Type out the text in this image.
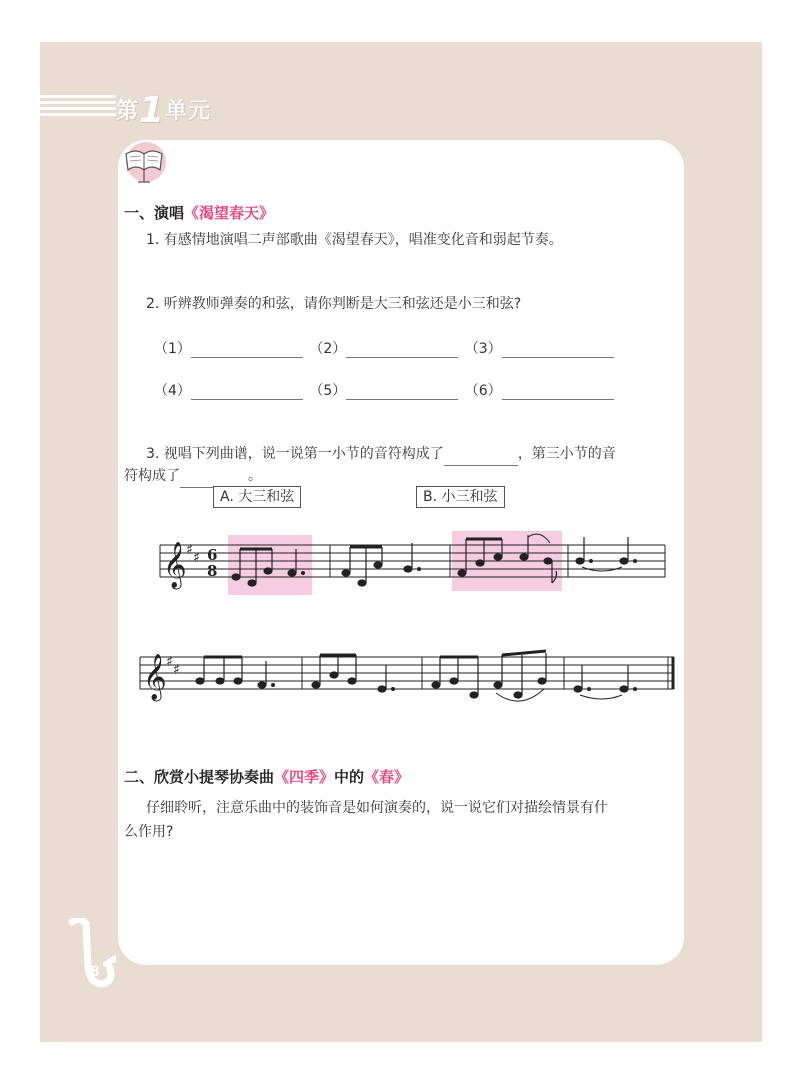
第1单元
一、演唱《渴望春天》
1. 有感情地演唱二声部歌曲《渴望春天》，唱准变化音和弱起节奏。
2. 听辨教师弹奏的和弦，请你判断是大三和弦还是小三和弦?
（1）	（2）	（3）
（4）	（5）	（6）
3. 视唱下列曲谱，说一说第一小节的音符构成了	，第三小节的音
符构成了	。
A. 大三和弦	B. 小三和弦
𝄞 ♯ ♯ 6
8
𝄞 ♯ ♯
二、欣赏小提琴协奏曲《四季》中的《春》
仔细聆听，注意乐曲中的装饰音是如何演奏的，说一说它们对描绘情景有什
么作用?
8
